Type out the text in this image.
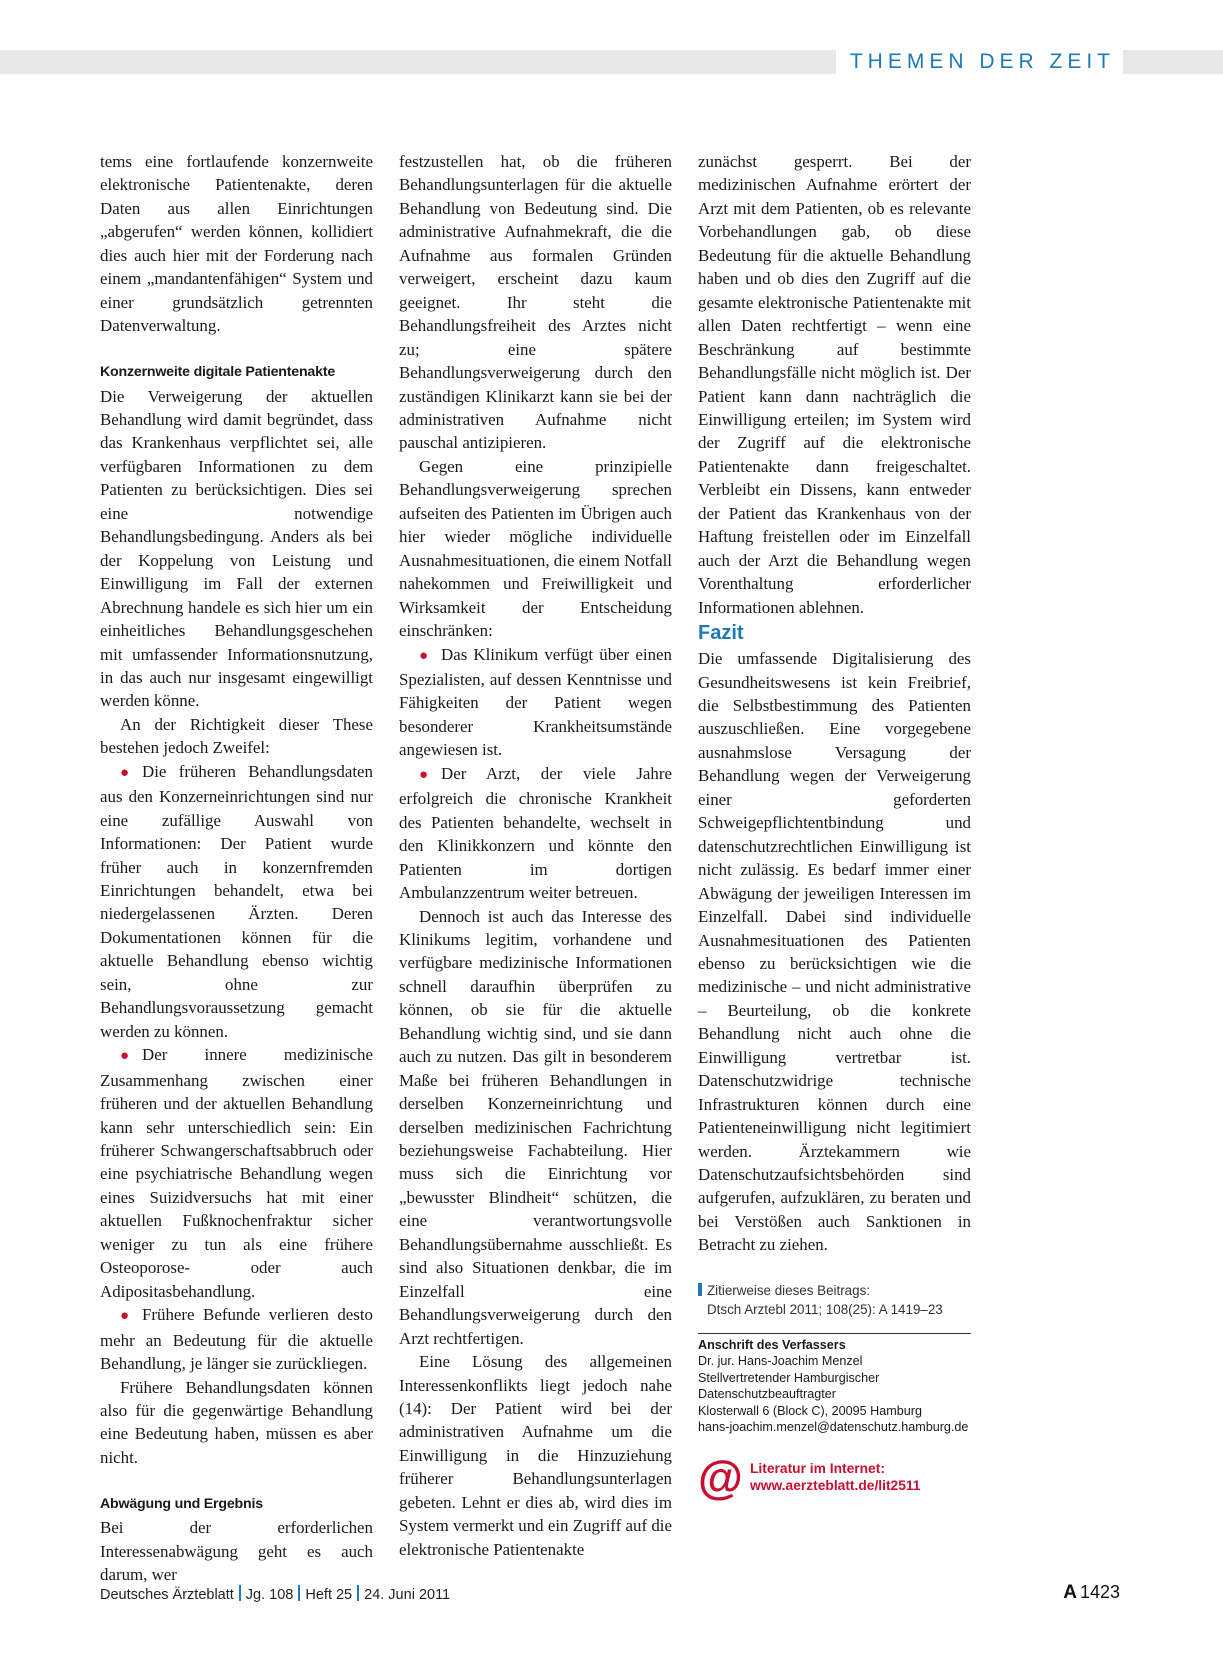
THEMEN DER ZEIT

tems eine fortlaufende konzernweite elektronische Patientenakte, deren Daten aus allen Einrichtungen „abgerufen“ werden können, kollidiert dies auch hier mit der Forderung nach einem „mandantenfähigen“ System und einer grundsätzlich getrennten Datenverwaltung.

Konzernweite digitale Patientenakte

Die Verweigerung der aktuellen Behandlung wird damit begründet, dass das Krankenhaus verpflichtet sei, alle verfügbaren Informationen zu dem Patienten zu berücksichtigen. Dies sei eine notwendige Behandlungsbedingung. Anders als bei der Koppelung von Leistung und Einwilligung im Fall der externen Abrechnung handele es sich hier um ein einheitliches Behandlungsgeschehen mit umfassender Informationsnutzung, in das auch nur insgesamt eingewilligt werden könne.

An der Richtigkeit dieser These bestehen jedoch Zweifel:

● Die früheren Behandlungsdaten aus den Konzerneinrichtungen sind nur eine zufällige Auswahl von Informationen: Der Patient wurde früher auch in konzernfremden Einrichtungen behandelt, etwa bei niedergelassenen Ärzten. Deren Dokumentationen können für die aktuelle Behandlung ebenso wichtig sein, ohne zur Behandlungsvoraussetzung gemacht werden zu können.

● Der innere medizinische Zusammenhang zwischen einer früheren und der aktuellen Behandlung kann sehr unterschiedlich sein: Ein früherer Schwangerschaftsabbruch oder eine psychiatrische Behandlung wegen eines Suizidversuchs hat mit einer aktuellen Fußknochenfraktur sicher weniger zu tun als eine frühere Osteoporose- oder auch Adipositasbehandlung.

● Frühere Befunde verlieren desto mehr an Bedeutung für die aktuelle Behandlung, je länger sie zurückliegen.

Frühere Behandlungsdaten können also für die gegenwärtige Behandlung eine Bedeutung haben, müssen es aber nicht.

Abwägung und Ergebnis

Bei der erforderlichen Interessenabwägung geht es auch darum, wer

festzustellen hat, ob die früheren Behandlungsunterlagen für die aktuelle Behandlung von Bedeutung sind. Die administrative Aufnahmekraft, die die Aufnahme aus formalen Gründen verweigert, erscheint dazu kaum geeignet. Ihr steht die Behandlungsfreiheit des Arztes nicht zu; eine spätere Behandlungsverweigerung durch den zuständigen Klinikarzt kann sie bei der administrativen Aufnahme nicht pauschal antizipieren.

Gegen eine prinzipielle Behandlungsverweigerung sprechen aufseiten des Patienten im Übrigen auch hier wieder mögliche individuelle Ausnahmesituationen, die einem Notfall nahekommen und Freiwilligkeit und Wirksamkeit der Entscheidung einschränken:

● Das Klinikum verfügt über einen Spezialisten, auf dessen Kenntnisse und Fähigkeiten der Patient wegen besonderer Krankheitsumstände angewiesen ist.

● Der Arzt, der viele Jahre erfolgreich die chronische Krankheit des Patienten behandelte, wechselt in den Klinikkonzern und könnte den Patienten im dortigen Ambulanzzentrum weiter betreuen.

Dennoch ist auch das Interesse des Klinikums legitim, vorhandene und verfügbare medizinische Informationen schnell daraufhin überprüfen zu können, ob sie für die aktuelle Behandlung wichtig sind, und sie dann auch zu nutzen. Das gilt in besonderem Maße bei früheren Behandlungen in derselben Konzerneinrichtung und derselben medizinischen Fachrichtung beziehungsweise Fachabteilung. Hier muss sich die Einrichtung vor „bewusster Blindheit“ schützen, die eine verantwortungsvolle Behandlungsübernahme ausschließt. Es sind also Situationen denkbar, die im Einzelfall eine Behandlungsverweigerung durch den Arzt rechtfertigen.

Eine Lösung des allgemeinen Interessenkonflikts liegt jedoch nahe (14): Der Patient wird bei der administrativen Aufnahme um die Einwilligung in die Hinzuziehung früherer Behandlungsunterlagen gebeten. Lehnt er dies ab, wird dies im System vermerkt und ein Zugriff auf die elektronische Patientenakte

zunächst gesperrt. Bei der medizinischen Aufnahme erörtert der Arzt mit dem Patienten, ob es relevante Vorbehandlungen gab, ob diese Bedeutung für die aktuelle Behandlung haben und ob dies den Zugriff auf die gesamte elektronische Patientenakte mit allen Daten rechtfertigt – wenn eine Beschränkung auf bestimmte Behandlungsfälle nicht möglich ist. Der Patient kann dann nachträglich die Einwilligung erteilen; im System wird der Zugriff auf die elektronische Patientenakte dann freigeschaltet. Verbleibt ein Dissens, kann entweder der Patient das Krankenhaus von der Haftung freistellen oder im Einzelfall auch der Arzt die Behandlung wegen Vorenthaltung erforderlicher Informationen ablehnen.

Fazit

Die umfassende Digitalisierung des Gesundheitswesens ist kein Freibrief, die Selbstbestimmung des Patienten auszuschließen. Eine vorgegebene ausnahmslose Versagung der Behandlung wegen der Verweigerung einer geforderten Schweigepflichtentbindung und datenschutzrechtlichen Einwilligung ist nicht zulässig. Es bedarf immer einer Abwägung der jeweiligen Interessen im Einzelfall. Dabei sind individuelle Ausnahmesituationen des Patienten ebenso zu berücksichtigen wie die medizinische – und nicht administrative – Beurteilung, ob die konkrete Behandlung nicht auch ohne die Einwilligung vertretbar ist. Datenschutzwidrige technische Infrastrukturen können durch eine Patienteneinwilligung nicht legitimiert werden. Ärztekammern wie Datenschutzaufsichtsbehörden sind aufgerufen, aufzuklären, zu beraten und bei Verstößen auch Sanktionen in Betracht zu ziehen.

Zitierweise dieses Beitrags:
Dtsch Arztebl 2011; 108(25): A 1419–23
Anschrift des Verfassers
Dr. jur. Hans-Joachim Menzel
Stellvertretender Hamburgischer
Datenschutzbeauftragter
Klosterwall 6 (Block C), 20095 Hamburg
hans-joachim.menzel@datenschutz.hamburg.de
@ Literatur im Internet:
www.aerzteblatt.de/lit2511
Deutsches Ärzteblatt Jg. 108 Heft 25 24. Juni 2011	A 1423
